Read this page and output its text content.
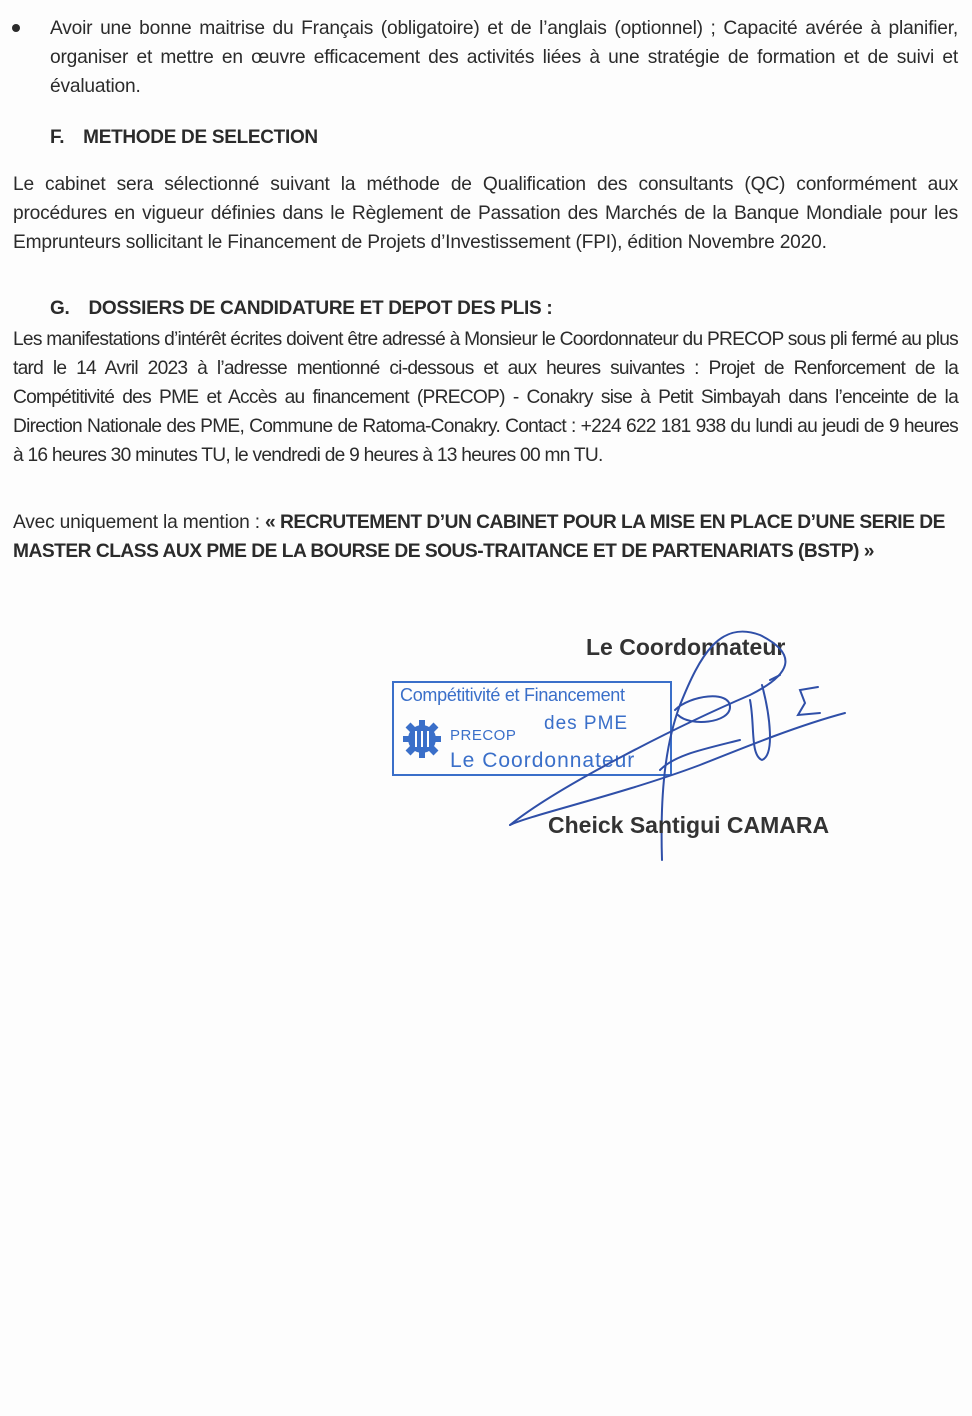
Avoir une bonne maitrise du Français (obligatoire) et de l’anglais (optionnel) ; Capacité avérée à planifier, organiser et mettre en œuvre efficacement des activités liées à une stratégie de formation et de suivi et évaluation.
F. METHODE DE SELECTION
Le cabinet sera sélectionné suivant la méthode de Qualification des consultants (QC) conformément aux procédures en vigueur définies dans le Règlement de Passation des Marchés de la Banque Mondiale pour les Emprunteurs sollicitant le Financement de Projets d’Investissement (FPI), édition Novembre 2020.
G. DOSSIERS DE CANDIDATURE ET DEPOT DES PLIS :
Les manifestations d’intérêt écrites doivent être adressé à Monsieur le Coordonnateur du PRECOP sous pli fermé au plus tard le 14 Avril 2023 à l’adresse mentionné ci-dessous et aux heures suivantes : Projet de Renforcement de la Compétitivité des PME et Accès au financement (PRECOP) - Conakry sise à Petit Simbayah dans l’enceinte de la Direction Nationale des PME, Commune de Ratoma-Conakry. Contact : +224 622 181 938 du lundi au jeudi de 9 heures à 16 heures 30 minutes TU, le vendredi de 9 heures à 13 heures 00 mn TU.
Avec uniquement la mention : « RECRUTEMENT D’UN CABINET POUR LA MISE EN PLACE D’UNE SERIE DE MASTER CLASS AUX PME DE LA BOURSE DE SOUS-TRAITANCE ET DE PARTENARIATS (BSTP) »
Le Coordonnateur
Compétitivité et Financement
des PME
PRECOP
Le Coordonnateur
Cheick Santigui CAMARA
